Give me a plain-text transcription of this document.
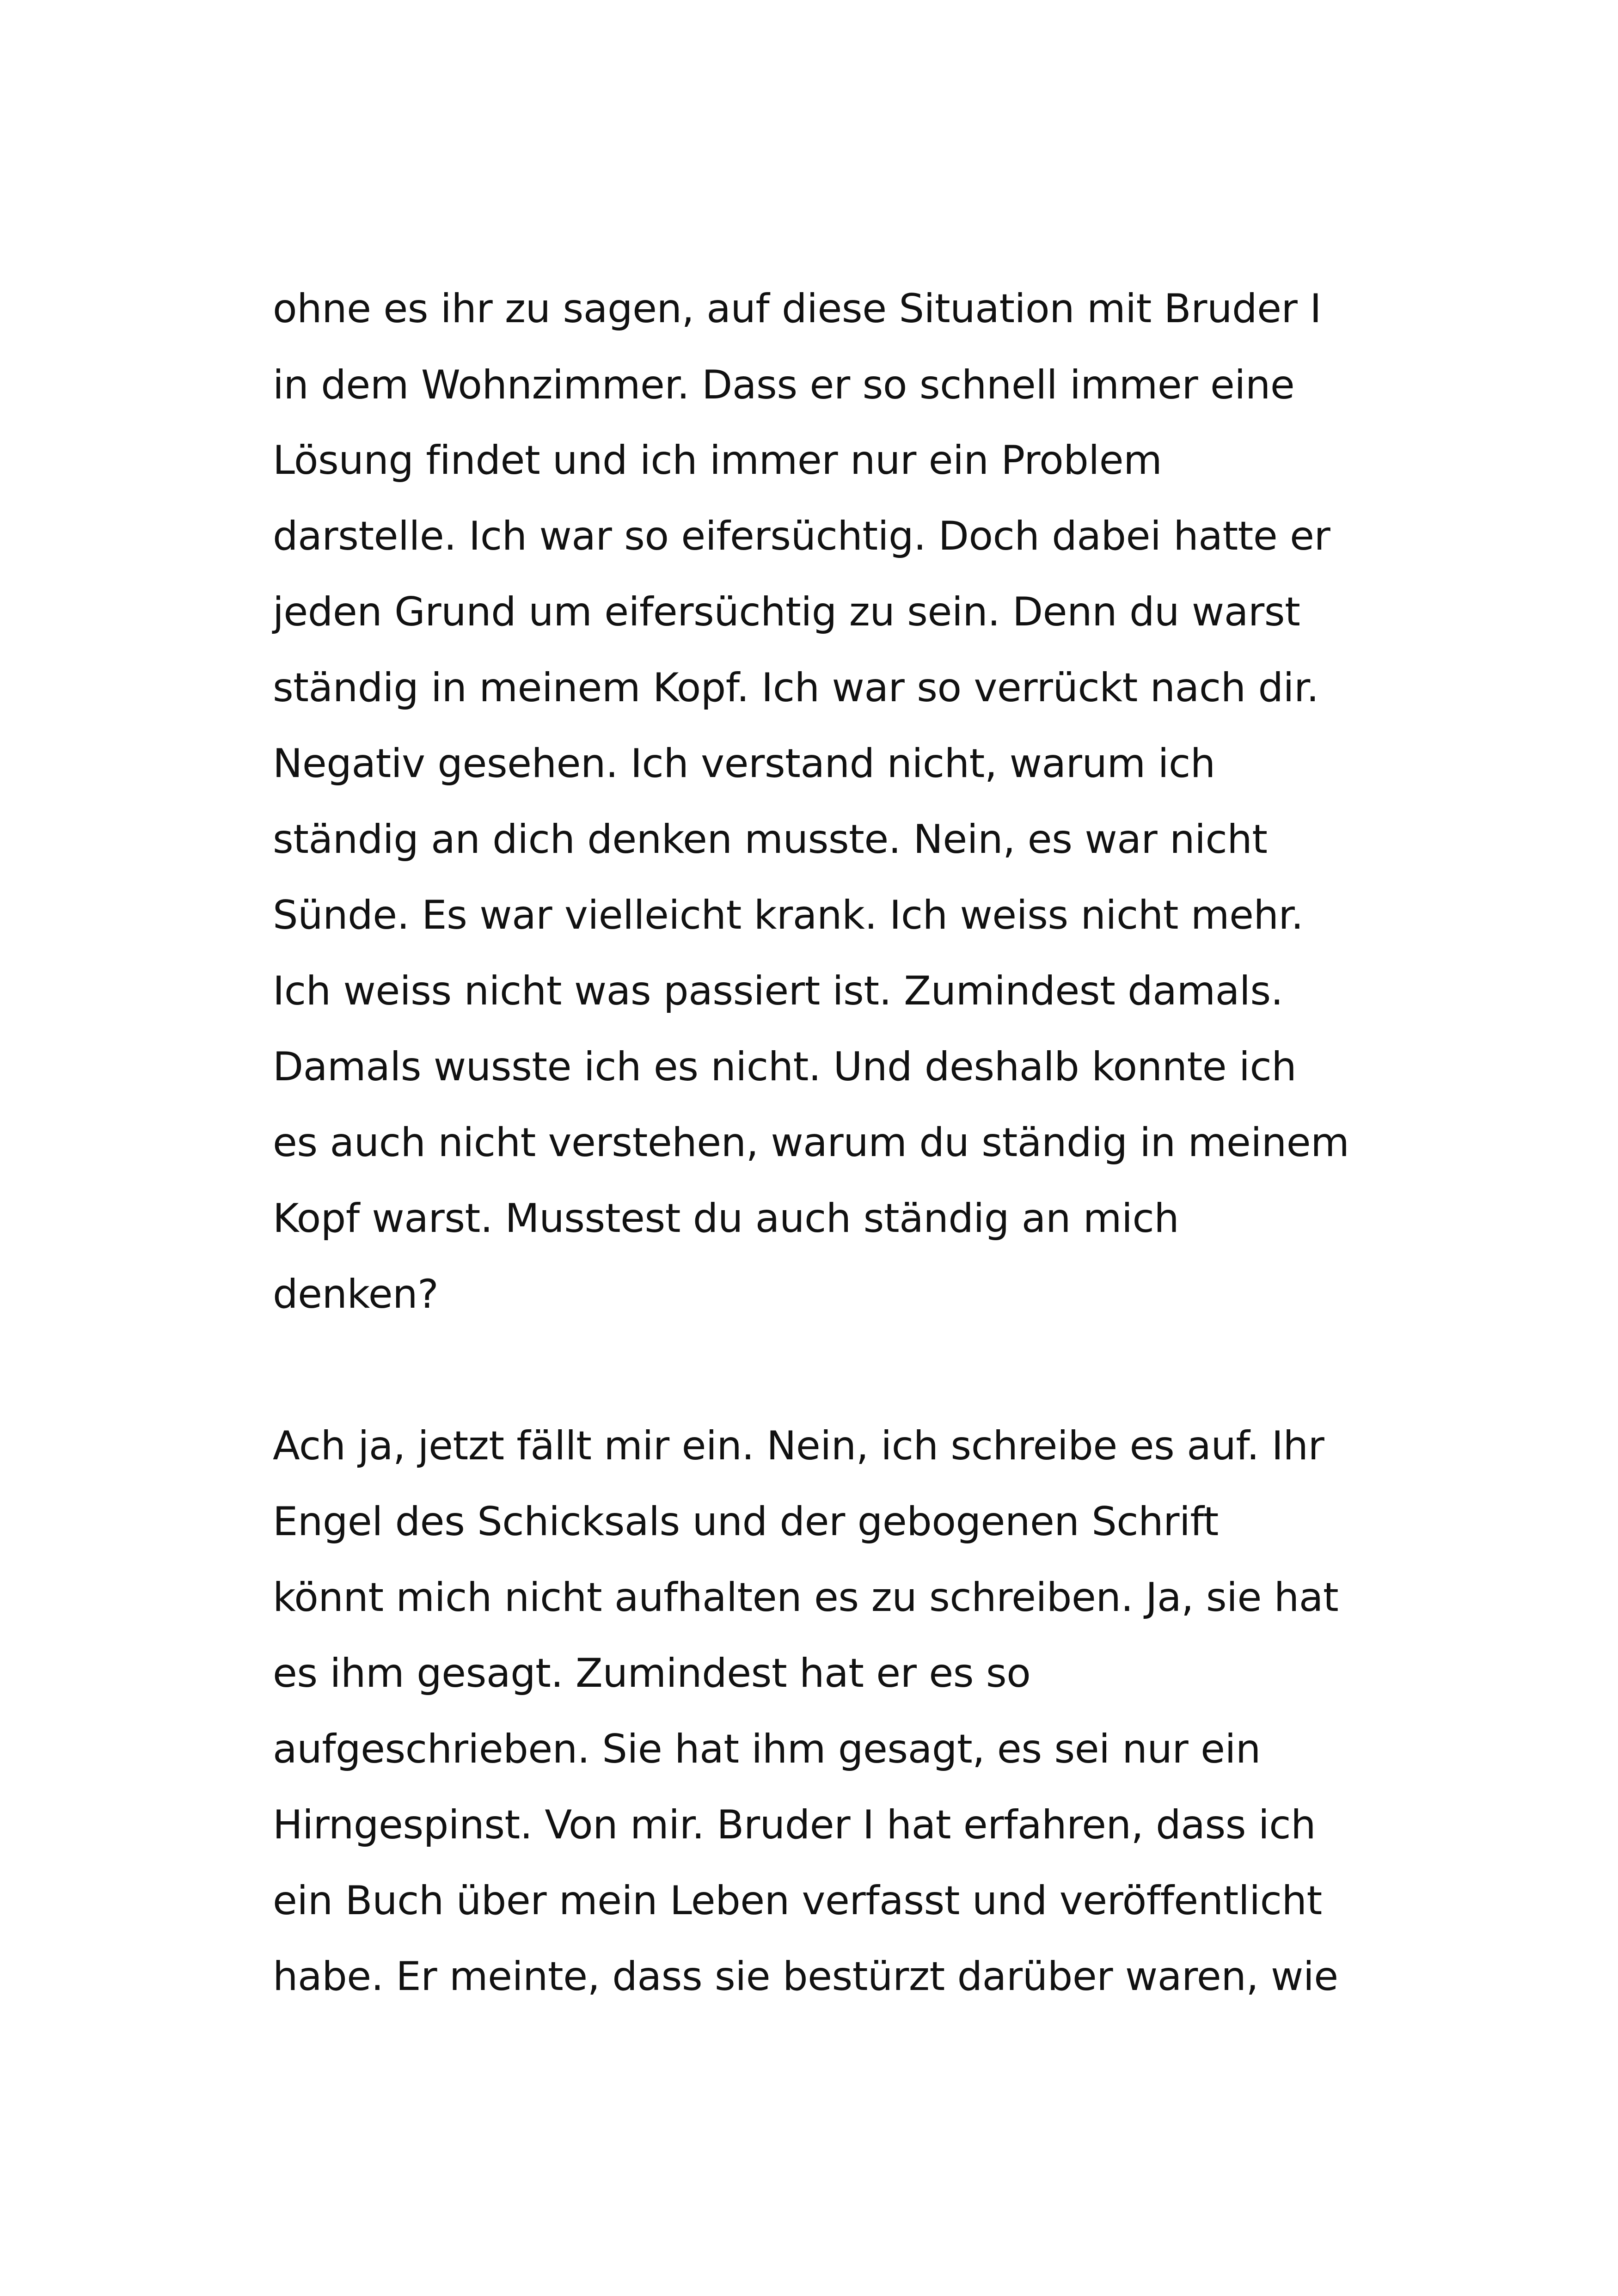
ohne es ihr zu sagen, auf diese Situation mit Bruder I
in dem Wohnzimmer. Dass er so schnell immer eine
Lösung findet und ich immer nur ein Problem
darstelle. Ich war so eifersüchtig. Doch dabei hatte er
jeden Grund um eifersüchtig zu sein. Denn du warst
ständig in meinem Kopf. Ich war so verrückt nach dir.
Negativ gesehen. Ich verstand nicht, warum ich
ständig an dich denken musste. Nein, es war nicht
Sünde. Es war vielleicht krank. Ich weiss nicht mehr.
Ich weiss nicht was passiert ist. Zumindest damals.
Damals wusste ich es nicht. Und deshalb konnte ich
es auch nicht verstehen, warum du ständig in meinem
Kopf warst. Musstest du auch ständig an mich
denken?
Ach ja, jetzt fällt mir ein. Nein, ich schreibe es auf. Ihr
Engel des Schicksals und der gebogenen Schrift
könnt mich nicht aufhalten es zu schreiben. Ja, sie hat
es ihm gesagt. Zumindest hat er es so
aufgeschrieben. Sie hat ihm gesagt, es sei nur ein
Hirngespinst. Von mir. Bruder I hat erfahren, dass ich
ein Buch über mein Leben verfasst und veröffentlicht
habe. Er meinte, dass sie bestürzt darüber waren, wie
